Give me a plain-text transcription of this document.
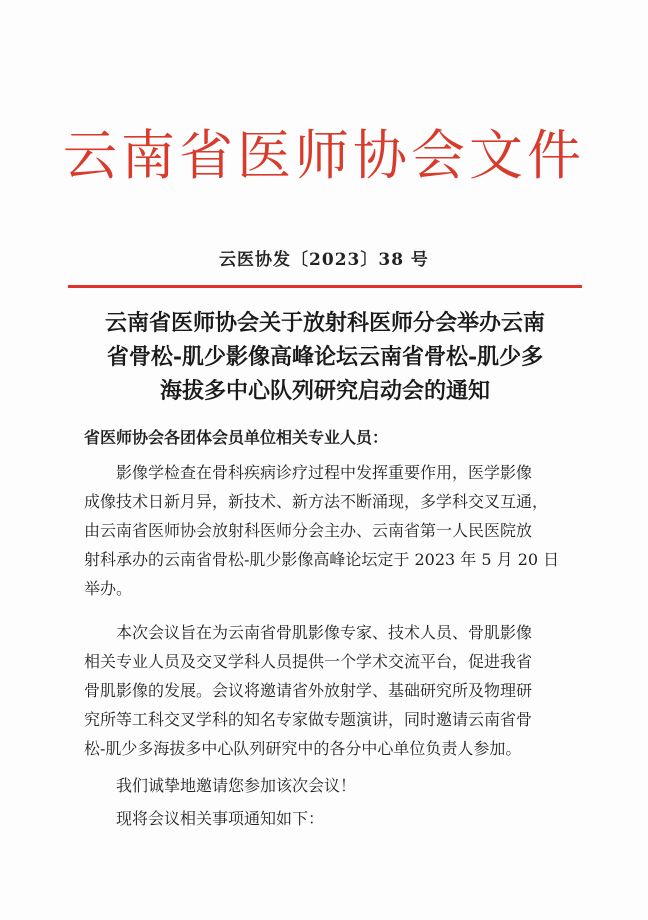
云南省医师协会文件
云医协发〔2023〕38 号
云南省医师协会关于放射科医师分会举办云南
省骨松-肌少影像高峰论坛云南省骨松-肌少多
海拔多中心队列研究启动会的通知
省医师协会各团体会员单位相关专业人员：
影像学检查在骨科疾病诊疗过程中发挥重要作用，医学影像
成像技术日新月异，新技术、新方法不断涌现，多学科交叉互通，
由云南省医师协会放射科医师分会主办、云南省第一人民医院放
射科承办的云南省骨松-肌少影像高峰论坛定于 2023 年 5 月 20 日
举办。
本次会议旨在为云南省骨肌影像专家、技术人员、骨肌影像
相关专业人员及交叉学科人员提供一个学术交流平台，促进我省
骨肌影像的发展。会议将邀请省外放射学、基础研究所及物理研
究所等工科交叉学科的知名专家做专题演讲，同时邀请云南省骨
松-肌少多海拔多中心队列研究中的各分中心单位负责人参加。
我们诚挚地邀请您参加该次会议！
现将会议相关事项通知如下：
